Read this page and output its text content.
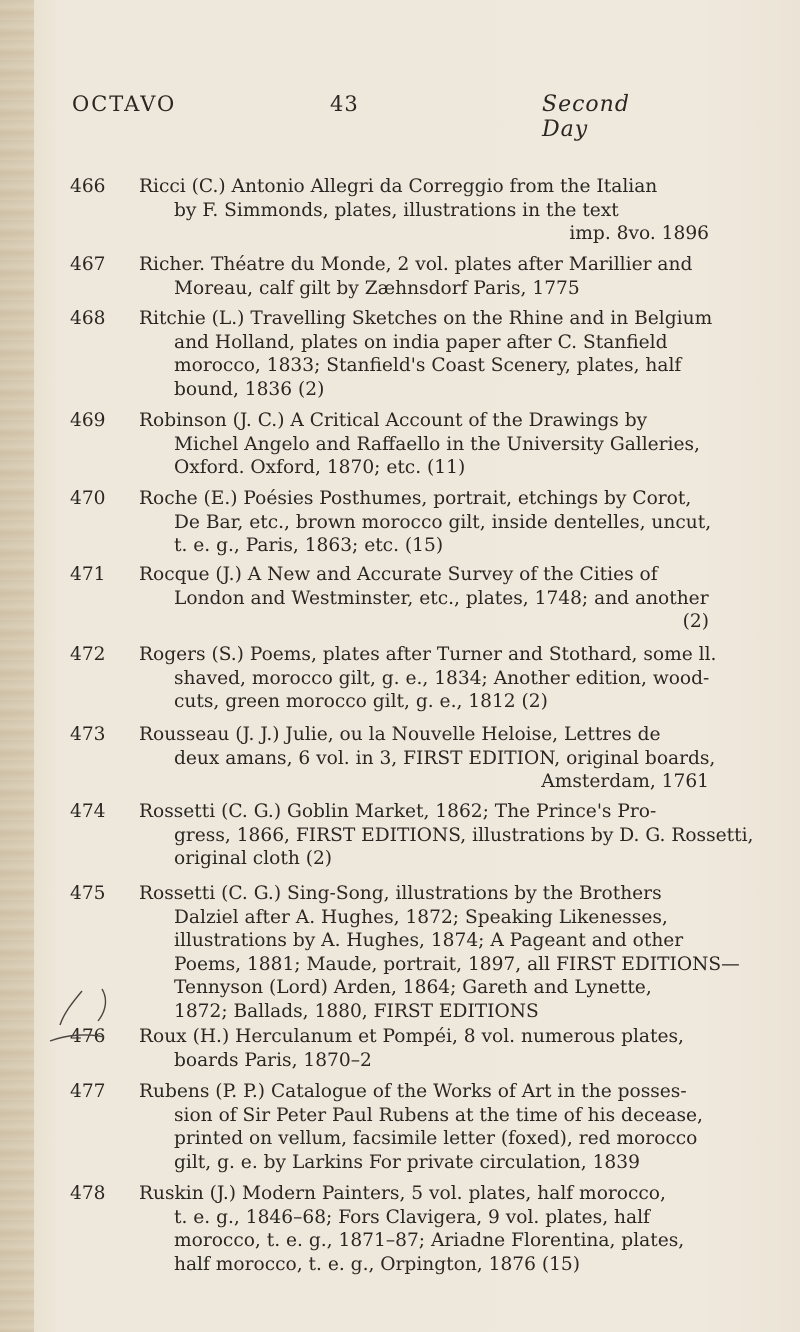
OCTAVO	43	Second Day
466	Ricci (C.) Antonio Allegri da Correggio from the Italian
by F. Simmonds, plates, illustrations in the text
imp. 8vo. 1896
467	Richer. Théatre du Monde, 2 vol. plates after Marillier and
Moreau, calf gilt by Zæhnsdorf Paris, 1775
468	Ritchie (L.) Travelling Sketches on the Rhine and in Belgium
and Holland, plates on india paper after C. Stanfield
morocco, 1833; Stanfield's Coast Scenery, plates, half
bound, 1836 (2)
469	Robinson (J. C.) A Critical Account of the Drawings by
Michel Angelo and Raffaello in the University Galleries,
Oxford. Oxford, 1870; etc. (11)
470	Roche (E.) Poésies Posthumes, portrait, etchings by Corot,
De Bar, etc., brown morocco gilt, inside dentelles, uncut,
t. e. g., Paris, 1863; etc. (15)
471	Rocque (J.) A New and Accurate Survey of the Cities of
London and Westminster, etc., plates, 1748; and another
(2)
472	Rogers (S.) Poems, plates after Turner and Stothard, some ll.
shaved, morocco gilt, g. e., 1834; Another edition, wood-
cuts, green morocco gilt, g. e., 1812 (2)
473	Rousseau (J. J.) Julie, ou la Nouvelle Heloise, Lettres de
deux amans, 6 vol. in 3, FIRST EDITION, original boards,
Amsterdam, 1761
474	Rossetti (C. G.) Goblin Market, 1862; The Prince's Pro-
gress, 1866, FIRST EDITIONS, illustrations by D. G. Rossetti,
original cloth (2)
475	Rossetti (C. G.) Sing-Song, illustrations by the Brothers
Dalziel after A. Hughes, 1872; Speaking Likenesses,
illustrations by A. Hughes, 1874; A Pageant and other
Poems, 1881; Maude, portrait, 1897, all FIRST EDITIONS—
Tennyson (Lord) Arden, 1864; Gareth and Lynette,
1872; Ballads, 1880, FIRST EDITIONS
476	Roux (H.) Herculanum et Pompéi, 8 vol. numerous plates,
boards Paris, 1870–2
477	Rubens (P. P.) Catalogue of the Works of Art in the posses-
sion of Sir Peter Paul Rubens at the time of his decease,
printed on vellum, facsimile letter (foxed), red morocco
gilt, g. e. by Larkins For private circulation, 1839
478	Ruskin (J.) Modern Painters, 5 vol. plates, half morocco,
t. e. g., 1846–68; Fors Clavigera, 9 vol. plates, half
morocco, t. e. g., 1871–87; Ariadne Florentina, plates,
half morocco, t. e. g., Orpington, 1876 (15)
